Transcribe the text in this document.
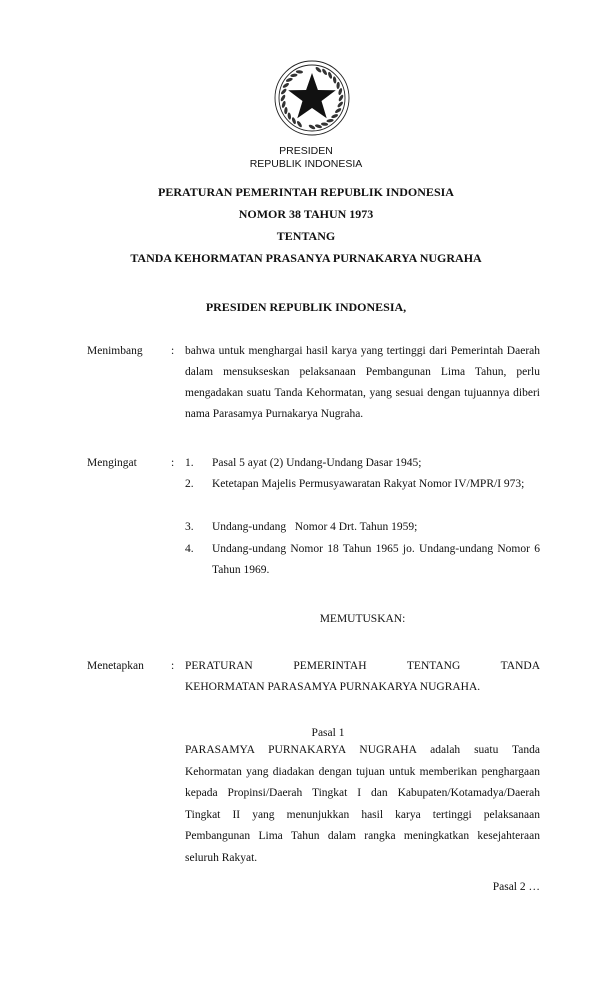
PRESIDEN
REPUBLIK INDONESIA
PERATURAN PEMERINTAH REPUBLIK INDONESIA
NOMOR 38 TAHUN 1973
TENTANG
TANDA KEHORMATAN PRASANYA PURNAKARYA NUGRAHA
PRESIDEN REPUBLIK INDONESIA,
Menimbang : bahwa untuk menghargai hasil karya yang tertinggi dari Pemerintah Daerah dalam mensukseskan pelaksanaan Pembangunan Lima Tahun, perlu mengadakan suatu Tanda Kehormatan, yang sesuai dengan tujuannya diberi nama Parasamya Purnakarya Nugraha.
Mengingat	: 1. Pasal 5 ayat (2) Undang-Undang Dasar 1945;
2. Ketetapan Majelis Permusyawaratan Rakyat Nomor IV/MPR/I 973;
3. Undang-undang   Nomor 4 Drt. Tahun 1959;
4. Undang-undang Nomor 18 Tahun 1965 jo. Undang-undang Nomor 6 Tahun 1969.
MEMUTUSKAN:
Menetapkan : PERATURAN PEMERINTAH TENTANG TANDA
KEHORMATAN PARASAMYA PURNAKARYA NUGRAHA.
Pasal 1
PARASAMYA PURNAKARYA NUGRAHA adalah suatu Tanda Kehormatan yang diadakan dengan tujuan untuk memberikan penghargaan kepada Propinsi/Daerah Tingkat I dan Kabupaten/Kotamadya/Daerah Tingkat II yang menunjukkan hasil karya tertinggi pelaksanaan Pembangunan Lima Tahun dalam rangka meningkatkan kesejahteraan seluruh Rakyat.
Pasal 2 …
